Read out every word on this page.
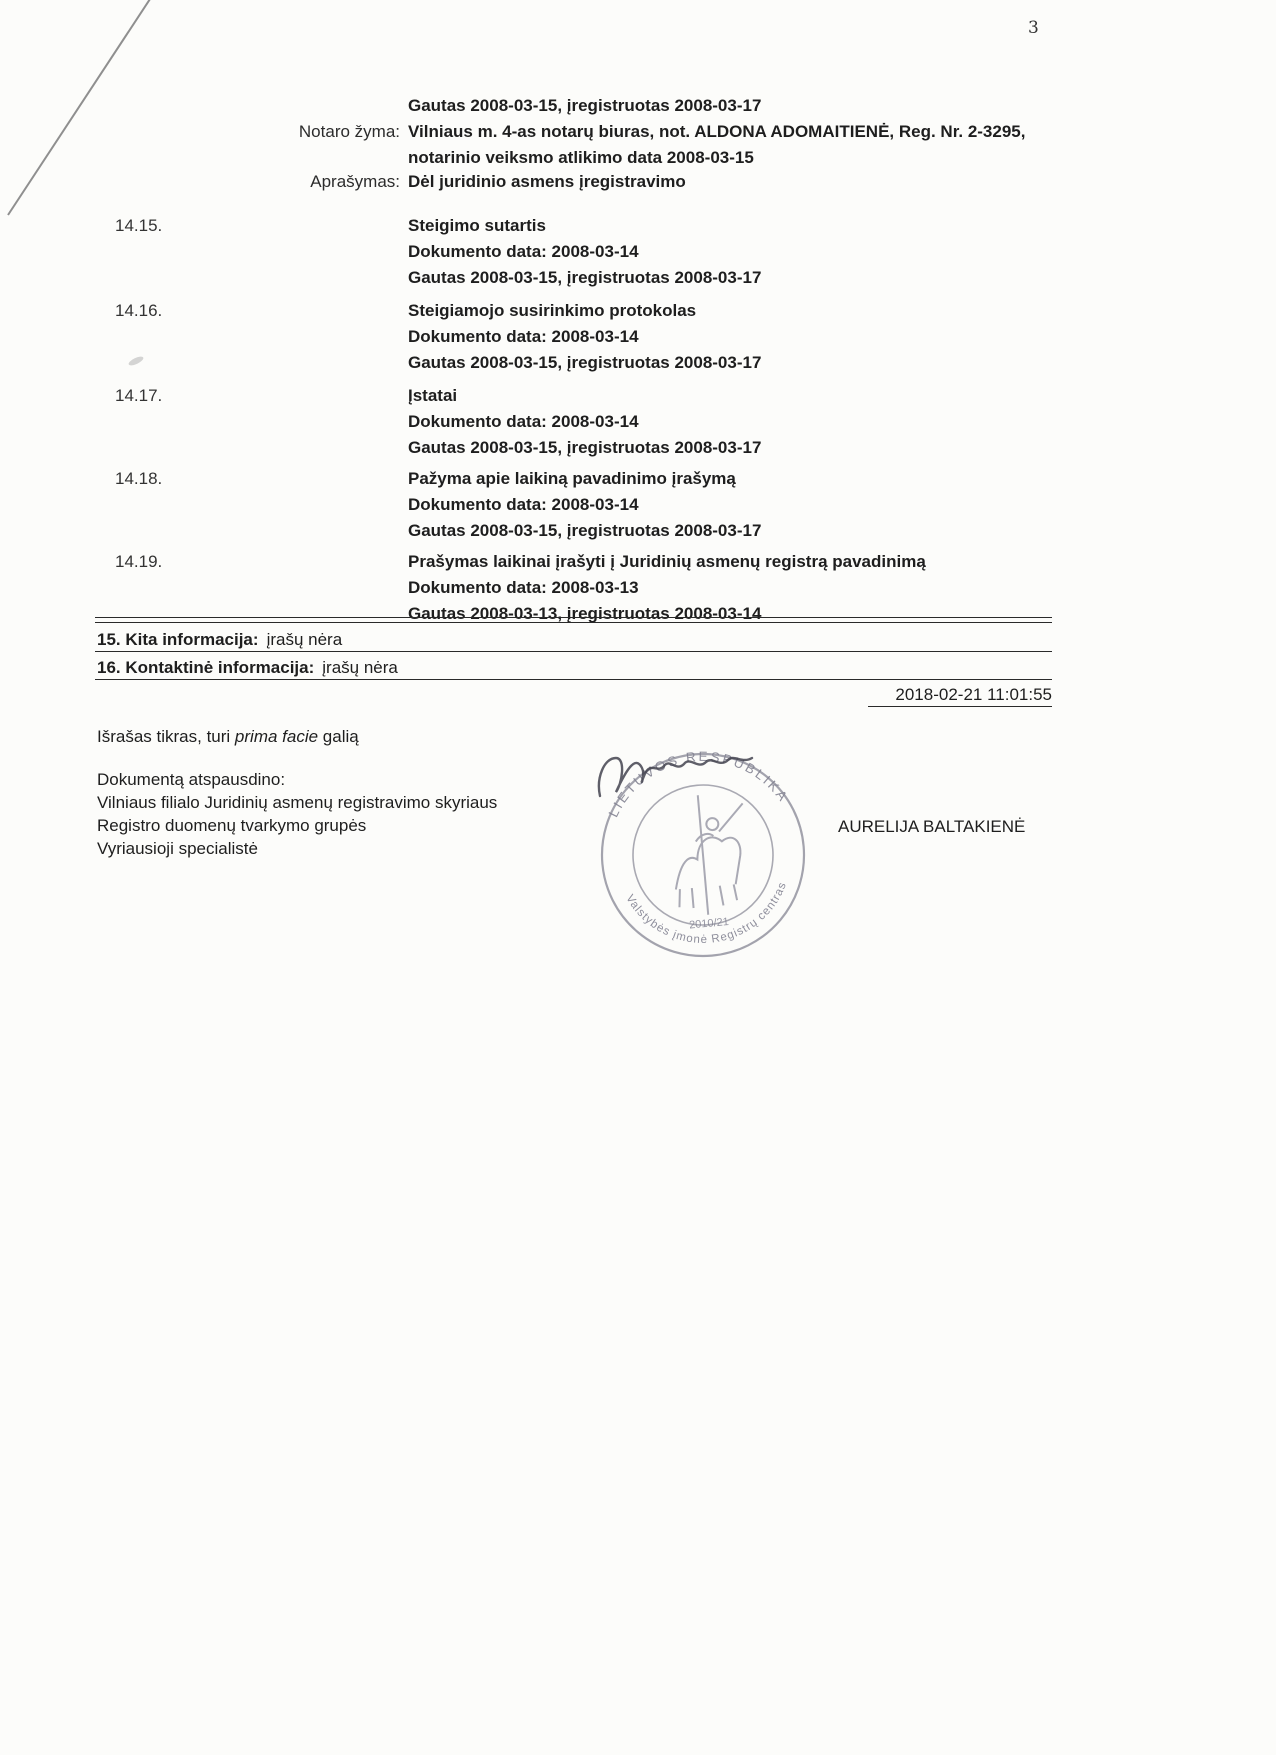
3
Gautas 2008-03-15, įregistruotas 2008-03-17
Notaro žyma: Vilniaus m. 4-as notarų biuras, not. ALDONA ADOMAITIENĖ, Reg. Nr. 2-3295, notarinio veiksmo atlikimo data 2008-03-15
Aprašymas: Dėl juridinio asmens įregistravimo
14.15.	Steigimo sutartis
Dokumento data: 2008-03-14
Gautas 2008-03-15, įregistruotas 2008-03-17
14.16.	Steigiamojo susirinkimo protokolas
Dokumento data: 2008-03-14
Gautas 2008-03-15, įregistruotas 2008-03-17
14.17.	Įstatai
Dokumento data: 2008-03-14
Gautas 2008-03-15, įregistruotas 2008-03-17
14.18.	Pažyma apie laikiną pavadinimo įrašymą
Dokumento data: 2008-03-14
Gautas 2008-03-15, įregistruotas 2008-03-17
14.19.	Prašymas laikinai įrašyti į Juridinių asmenų registrą pavadinimą
Dokumento data: 2008-03-13
Gautas 2008-03-13, įregistruotas 2008-03-14
15. Kita informacija: įrašų nėra
16. Kontaktinė informacija: įrašų nėra
2018-02-21 11:01:55
Išrašas tikras, turi prima facie galią
Dokumentą atspausdino:
Vilniaus filialo Juridinių asmenų registravimo skyriaus
Registro duomenų tvarkymo grupės
Vyriausioji specialistė
LIETUVOS RESPUBLIKA
Valstybės įmonė Registrų centras
2010/21
AURELIJA BALTAKIENĖ
